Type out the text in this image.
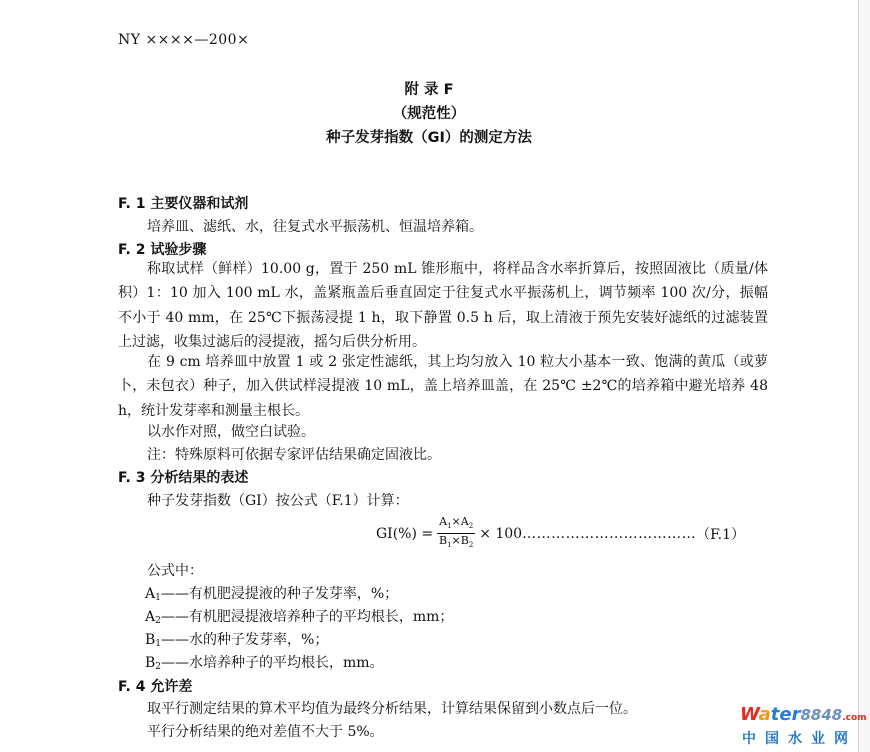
NY ××××—200×
附 录 F
（规范性）
种子发芽指数（GI）的测定方法
F. 1 主要仪器和试剂
培养皿、滤纸、水，往复式水平振荡机、恒温培养箱。
F. 2 试验步骤
称取试样（鲜样）10.00 g，置于 250 mL 锥形瓶中，将样品含水率折算后，按照固液比（质量/体积）1：10 加入 100 mL 水，盖紧瓶盖后垂直固定于往复式水平振荡机上，调节频率 100 次/分，振幅不小于 40 mm，在 25℃下振荡浸提 1 h，取下静置 0.5 h 后，取上清液于预先安装好滤纸的过滤装置上过滤，收集过滤后的浸提液，摇匀后供分析用。
在 9 cm 培养皿中放置 1 或 2 张定性滤纸，其上均匀放入 10 粒大小基本一致、饱满的黄瓜（或萝卜，未包衣）种子，加入供试样浸提液 10 mL，盖上培养皿盖，在 25℃ ±2℃的培养箱中避光培养 48 h，统计发芽率和测量主根长。
以水作对照，做空白试验。
注：特殊原料可依据专家评估结果确定固液比。
F. 3 分析结果的表述
种子发芽指数（GI）按公式（F.1）计算：
$GI(\%) = \frac{A_1\times A_2}{B_1\times B_2} \times 100$ ……………………………… （F.1）
公式中：
$A_1——$有机肥浸提液的种子发芽率，%；
$A_2——$有机肥浸提液培养种子的平均根长，mm；
$B_1——$水的种子发芽率，%；
$B_2——$水培养种子的平均根长，mm。
F. 4 允许差
取平行测定结果的算术平均值为最终分析结果，计算结果保留到小数点后一位。
平行分析结果的绝对差值不大于 5%。
Water8848.com
中国水业网
